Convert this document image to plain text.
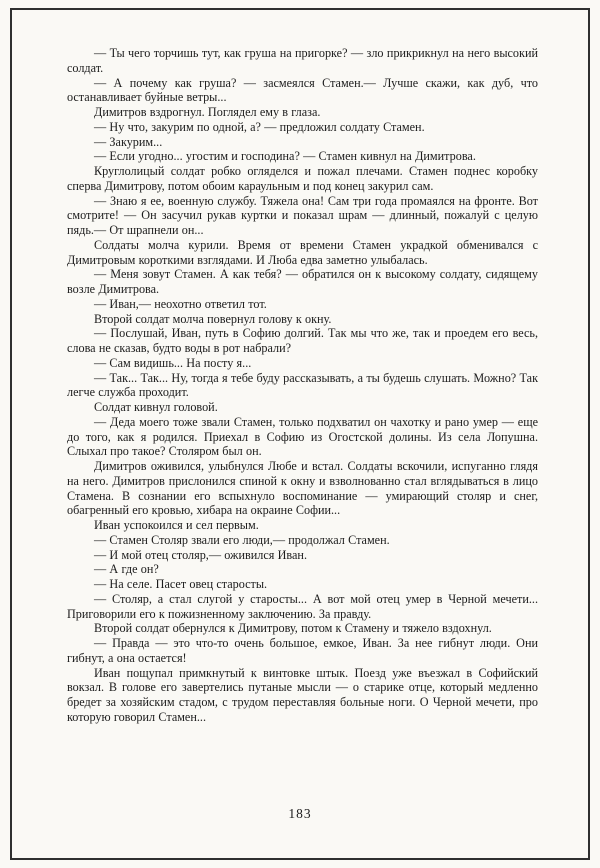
— Ты чего торчишь тут, как груша на пригорке? — зло прикрикнул на него высокий солдат.

— А почему как груша? — засмеялся Стамен.— Лучше скажи, как дуб, что останавливает буйные ветры...

Димитров вздрогнул. Поглядел ему в глаза.

— Ну что, закурим по одной, а? — предложил солдату Стамен.

— Закурим...

— Если угодно... угостим и господина? — Стамен кивнул на Димитрова.

Круглолицый солдат робко огляделся и пожал плечами. Стамен поднес коробку сперва Димитрову, потом обоим караульным и под конец закурил сам.

— Знаю я ее, военную службу. Тяжела она! Сам три года промаялся на фронте. Вот смотрите! — Он засучил рукав куртки и показал шрам — длинный, пожалуй с целую пядь.— От шрапнели он...

Солдаты молча курили. Время от времени Стамен украдкой обменивался с Димитровым короткими взглядами. И Люба едва заметно улыбалась.

— Меня зовут Стамен. А как тебя? — обратился он к высокому солдату, сидящему возле Димитрова.

— Иван,— неохотно ответил тот.

Второй солдат молча повернул голову к окну.

— Послушай, Иван, путь в Софию долгий. Так мы что же, так и проедем его весь, слова не сказав, будто воды в рот набрали?

— Сам видишь... На посту я...

— Так... Так... Ну, тогда я тебе буду рассказывать, а ты будешь слушать. Можно? Так легче служба проходит.

Солдат кивнул головой.

— Деда моего тоже звали Стамен, только подхватил он чахотку и рано умер — еще до того, как я родился. Приехал в Софию из Огостской долины. Из села Лопушна. Слыхал про такое? Столяром был он.

Димитров оживился, улыбнулся Любе и встал. Солдаты вскочили, испуганно глядя на него. Димитров прислонился спиной к окну и взволнованно стал вглядываться в лицо Стамена. В сознании его вспыхнуло воспоминание — умирающий столяр и снег, обагренный его кровью, хибара на окраине Софии...

Иван успокоился и сел первым.

— Стамен Столяр звали его люди,— продолжал Стамен.

— И мой отец столяр,— оживился Иван.

— А где он?

— На селе. Пасет овец старосты.

— Столяр, а стал слугой у старосты... А вот мой отец умер в Черной мечети... Приговорили его к пожизненному заключению. За правду.

Второй солдат обернулся к Димитрову, потом к Стамену и тяжело вздохнул.

— Правда — это что-то очень большое, емкое, Иван. За нее гибнут люди. Они гибнут, а она остается!

Иван пощупал примкнутый к винтовке штык. Поезд уже въезжал в Софийский вокзал. В голове его завертелись путаные мысли — о старике отце, который медленно бредет за хозяйским стадом, с трудом переставляя больные ноги. О Черной мечети, про которую говорил Стамен...

183
